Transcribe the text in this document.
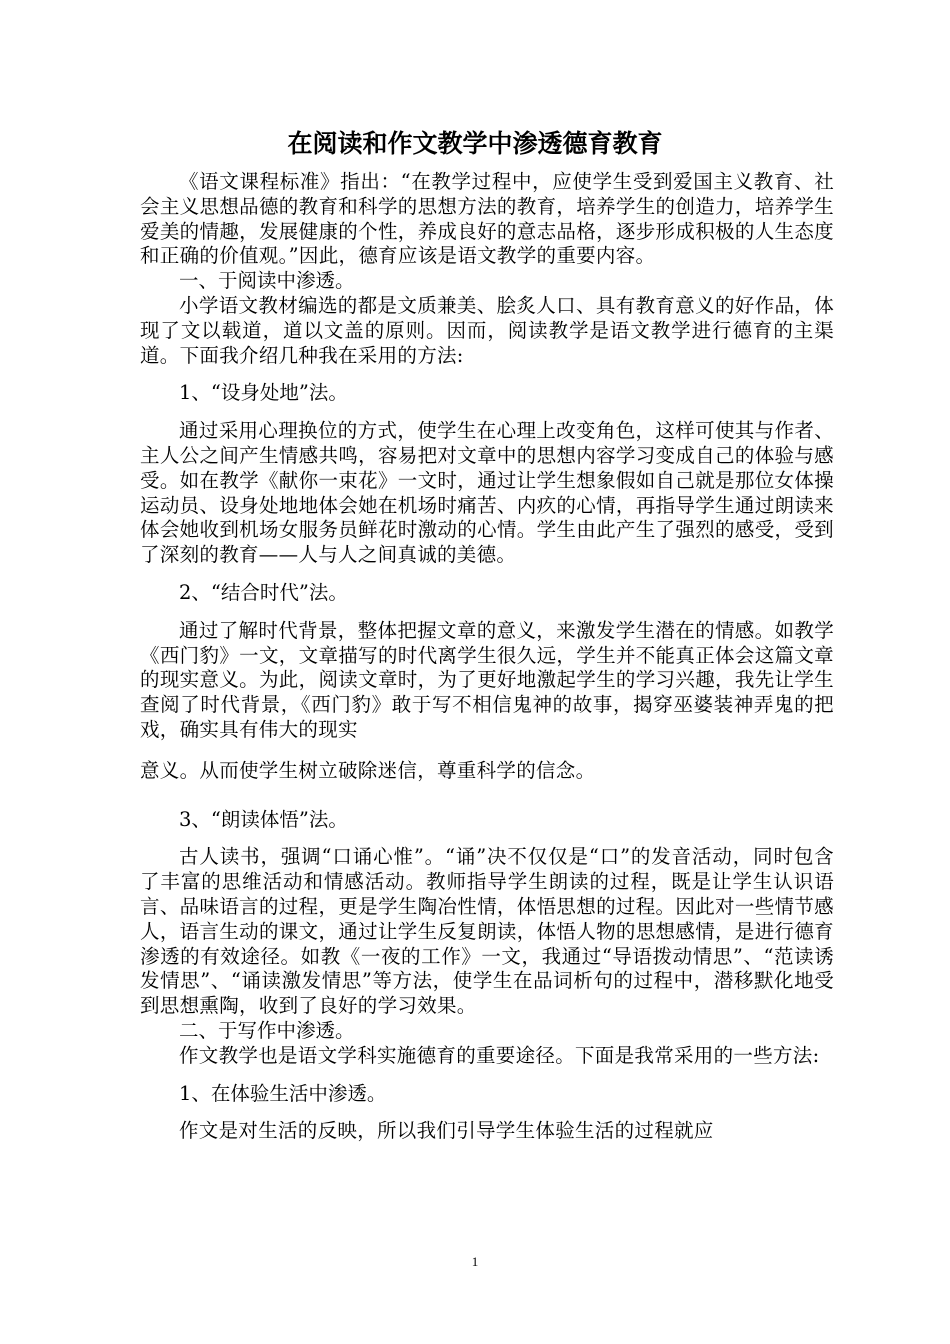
在阅读和作文教学中渗透德育教育

《语文课程标准》指出：“在教学过程中，应使学生受到爱国主义教育、社会主义思想品德的教育和科学的思想方法的教育，培养学生的创造力，培养学生爱美的情趣，发展健康的个性，养成良好的意志品格，逐步形成积极的人生态度和正确的价值观。”因此，德育应该是语文教学的重要内容。

一、于阅读中渗透。

小学语文教材编选的都是文质兼美、脍炙人口、具有教育意义的好作品，体现了文以载道，道以文盖的原则。因而，阅读教学是语文教学进行德育的主渠道。下面我介绍几种我在采用的方法:

1、“设身处地”法。

通过采用心理换位的方式，使学生在心理上改变角色，这样可使其与作者、主人公之间产生情感共鸣，容易把对文章中的思想内容学习变成自己的体验与感受。如在教学《献你一束花》一文时，通过让学生想象假如自己就是那位女体操运动员、设身处地地体会她在机场时痛苦、内疚的心情，再指导学生通过朗读来体会她收到机场女服务员鲜花时激动的心情。学生由此产生了强烈的感受，受到了深刻的教育——人与人之间真诚的美德。

2、“结合时代”法。

通过了解时代背景，整体把握文章的意义，来激发学生潜在的情感。如教学《西门豹》一文，文章描写的时代离学生很久远，学生并不能真正体会这篇文章的现实意义。为此，阅读文章时，为了更好地激起学生的学习兴趣，我先让学生查阅了时代背景，《西门豹》敢于写不相信鬼神的故事，揭穿巫婆装神弄鬼的把戏，确实具有伟大的现实

意义。从而使学生树立破除迷信，尊重科学的信念。

3、“朗读体悟”法。

古人读书，强调“口诵心惟”。“诵”决不仅仅是“口”的发音活动，同时包含了丰富的思维活动和情感活动。教师指导学生朗读的过程，既是让学生认识语言、品味语言的过程，更是学生陶冶性情，体悟思想的过程。因此对一些情节感人，语言生动的课文，通过让学生反复朗读，体悟人物的思想感情，是进行德育渗透的有效途径。如教《一夜的工作》一文，我通过“导语拨动情思”、“范读诱发情思”、“诵读激发情思”等方法，使学生在品词析句的过程中，潜移默化地受到思想熏陶，收到了良好的学习效果。

二、于写作中渗透。

作文教学也是语文学科实施德育的重要途径。下面是我常采用的一些方法:

1、在体验生活中渗透。

作文是对生活的反映，所以我们引导学生体验生活的过程就应

1
